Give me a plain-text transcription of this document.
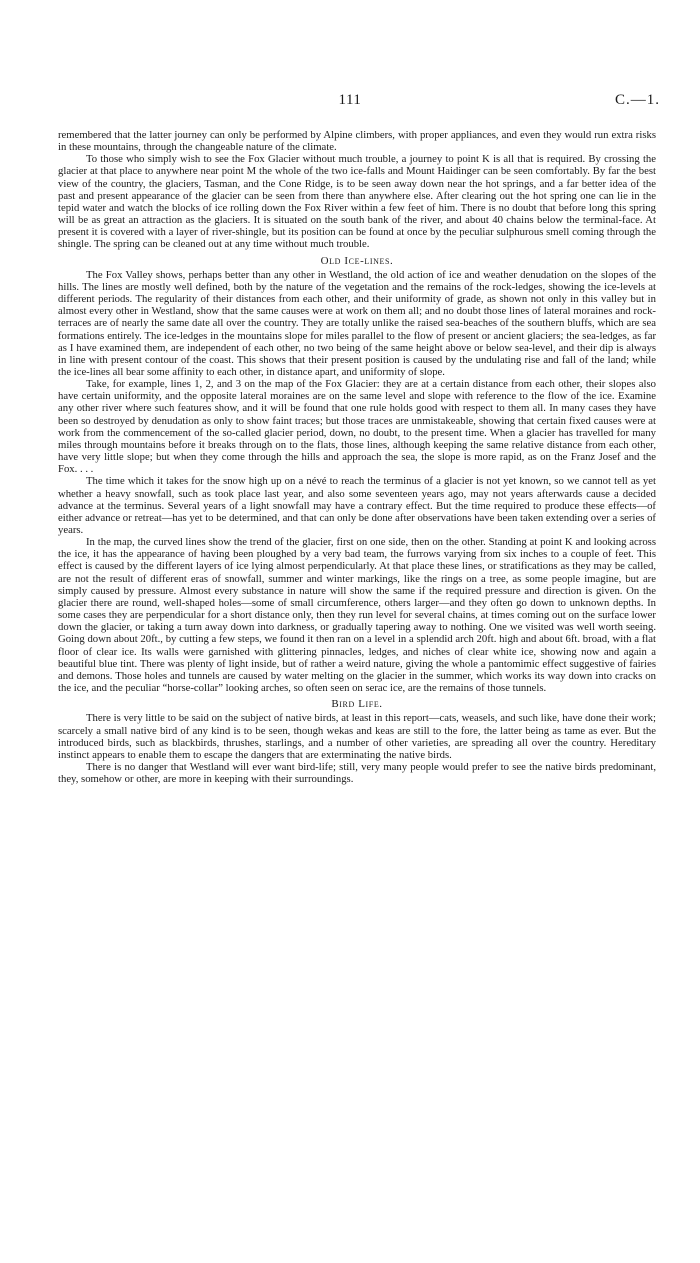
111	C.—1.

remembered that the latter journey can only be performed by Alpine climbers, with proper appliances, and even they would run extra risks in these mountains, through the changeable nature of the climate.

To those who simply wish to see the Fox Glacier without much trouble, a journey to point K is all that is required. By crossing the glacier at that place to anywhere near point M the whole of the two ice-falls and Mount Haidinger can be seen comfortably. By far the best view of the country, the glaciers, Tasman, and the Cone Ridge, is to be seen away down near the hot springs, and a far better idea of the past and present appearance of the glacier can be seen from there than anywhere else. After clearing out the hot spring one can lie in the tepid water and watch the blocks of ice rolling down the Fox River within a few feet of him. There is no doubt that before long this spring will be as great an attraction as the glaciers. It is situated on the south bank of the river, and about 40 chains below the terminal-face. At present it is covered with a layer of river-shingle, but its position can be found at once by the peculiar sulphurous smell coming through the shingle. The spring can be cleaned out at any time without much trouble.

Old Ice-lines.

The Fox Valley shows, perhaps better than any other in Westland, the old action of ice and weather denudation on the slopes of the hills. The lines are mostly well defined, both by the nature of the vegetation and the remains of the rock-ledges, showing the ice-levels at different periods. The regularity of their distances from each other, and their uniformity of grade, as shown not only in this valley but in almost every other in Westland, show that the same causes were at work on them all; and no doubt those lines of lateral moraines and rock-terraces are of nearly the same date all over the country. They are totally unlike the raised sea-beaches of the southern bluffs, which are sea formations entirely. The ice-ledges in the mountains slope for miles parallel to the flow of present or ancient glaciers; the sea-ledges, as far as I have examined them, are independent of each other, no two being of the same height above or below sea-level, and their dip is always in line with present contour of the coast. This shows that their present position is caused by the undulating rise and fall of the land; while the ice-lines all bear some affinity to each other, in distance apart, and uniformity of slope.

Take, for example, lines 1, 2, and 3 on the map of the Fox Glacier: they are at a certain distance from each other, their slopes also have certain uniformity, and the opposite lateral moraines are on the same level and slope with reference to the flow of the ice. Examine any other river where such features show, and it will be found that one rule holds good with respect to them all. In many cases they have been so destroyed by denudation as only to show faint traces; but those traces are unmistakeable, showing that certain fixed causes were at work from the commencement of the so-called glacier period, down, no doubt, to the present time. When a glacier has travelled for many miles through mountains before it breaks through on to the flats, those lines, although keeping the same relative distance from each other, have very little slope; but when they come through the hills and approach the sea, the slope is more rapid, as on the Franz Josef and the Fox. . . .

The time which it takes for the snow high up on a névé to reach the terminus of a glacier is not yet known, so we cannot tell as yet whether a heavy snowfall, such as took place last year, and also some seventeen years ago, may not years afterwards cause a decided advance at the terminus. Several years of a light snowfall may have a contrary effect. But the time required to produce these effects—of either advance or retreat—has yet to be determined, and that can only be done after observations have been taken extending over a series of years.

In the map, the curved lines show the trend of the glacier, first on one side, then on the other. Standing at point K and looking across the ice, it has the appearance of having been ploughed by a very bad team, the furrows varying from six inches to a couple of feet. This effect is caused by the different layers of ice lying almost perpendicularly. At that place these lines, or stratifications as they may be called, are not the result of different eras of snowfall, summer and winter markings, like the rings on a tree, as some people imagine, but are simply caused by pressure. Almost every substance in nature will show the same if the required pressure and direction is given. On the glacier there are round, well-shaped holes—some of small circumference, others larger—and they often go down to unknown depths. In some cases they are perpendicular for a short distance only, then they run level for several chains, at times coming out on the surface lower down the glacier, or taking a turn away down into darkness, or gradually tapering away to nothing. One we visited was well worth seeing. Going down about 20ft., by cutting a few steps, we found it then ran on a level in a splendid arch 20ft. high and about 6ft. broad, with a flat floor of clear ice. Its walls were garnished with glittering pinnacles, ledges, and niches of clear white ice, showing now and again a beautiful blue tint. There was plenty of light inside, but of rather a weird nature, giving the whole a pantomimic effect suggestive of fairies and demons. Those holes and tunnels are caused by water melting on the glacier in the summer, which works its way down into cracks on the ice, and the peculiar “horse-collar” looking arches, so often seen on serac ice, are the remains of those tunnels.

Bird Life.

There is very little to be said on the subject of native birds, at least in this report—cats, weasels, and such like, have done their work; scarcely a small native bird of any kind is to be seen, though wekas and keas are still to the fore, the latter being as tame as ever. But the introduced birds, such as blackbirds, thrushes, starlings, and a number of other varieties, are spreading all over the country. Hereditary instinct appears to enable them to escape the dangers that are exterminating the native birds.

There is no danger that Westland will ever want bird-life; still, very many people would prefer to see the native birds predominant, they, somehow or other, are more in keeping with their surroundings.
